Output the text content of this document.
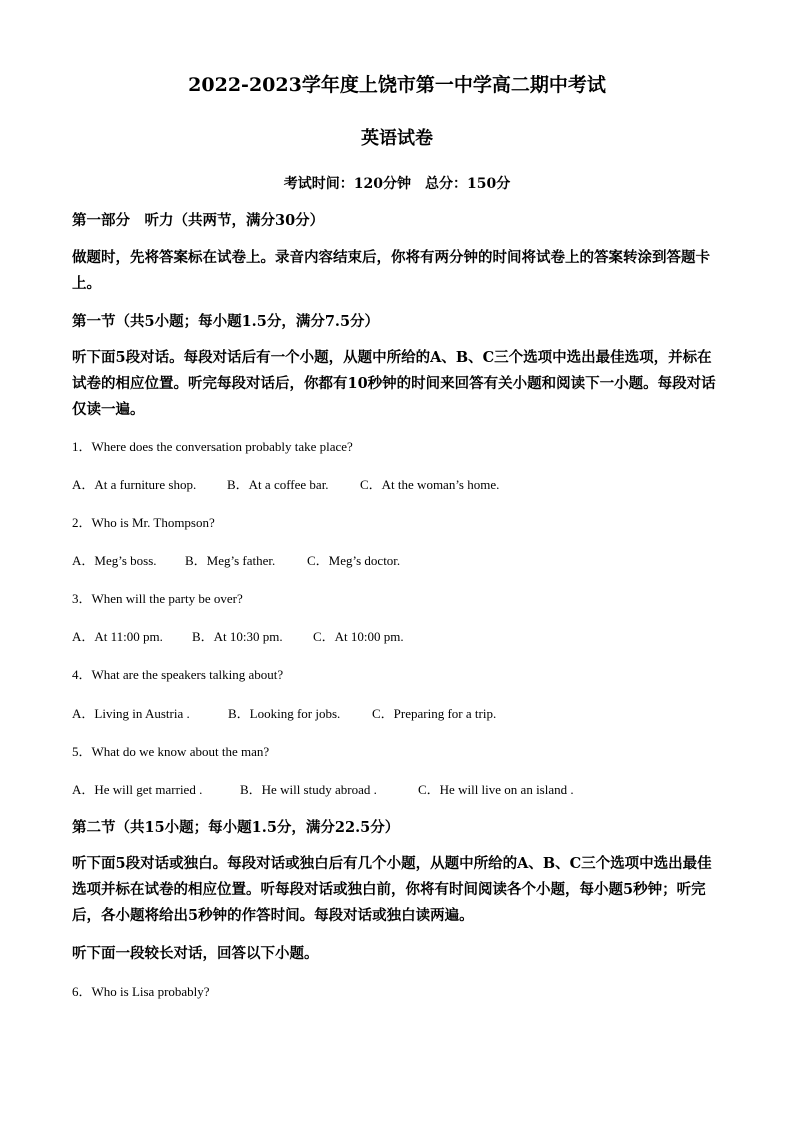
2022-2023学年度上饶市第一中学高二期中考试
英语试卷
考试时间：120分钟　总分：150分
第一部分　听力（共两节，满分30分）
做题时，先将答案标在试卷上。录音内容结束后，你将有两分钟的时间将试卷上的答案转涂到答题卡上。
第一节（共5小题；每小题1.5分，满分7.5分）
听下面5段对话。每段对话后有一个小题，从题中所给的A、B、C三个选项中选出最佳选项，并标在试卷的相应位置。听完每段对话后，你都有10秒钟的时间来回答有关小题和阅读下一小题。每段对话仅读一遍。
1．Where does the conversation probably take place?
A．At a furniture shop. B．At a coffee bar. C．At the woman’s home.
2．Who is Mr. Thompson?
A．Meg’s boss. B．Meg’s father. C．Meg’s doctor.
3．When will the party be over?
A．At 11:00 pm. B．At 10:30 pm. C．At 10:00 pm.
4．What are the speakers talking about?
A．Living in Austria .	B．Looking for jobs. C．Preparing for a trip.
5．What do we know about the man?
A．He will get married .	B．He will study abroad .	C．He will live on an island .
第二节（共15小题；每小题1.5分，满分22.5分）
听下面5段对话或独白。每段对话或独白后有几个小题，从题中所给的A、B、C三个选项中选出最佳选项并标在试卷的相应位置。听每段对话或独白前，你将有时间阅读各个小题，每小题5秒钟；听完后，各小题将给出5秒钟的作答时间。每段对话或独白读两遍。
听下面一段较长对话，回答以下小题。
6．Who is Lisa probably?
